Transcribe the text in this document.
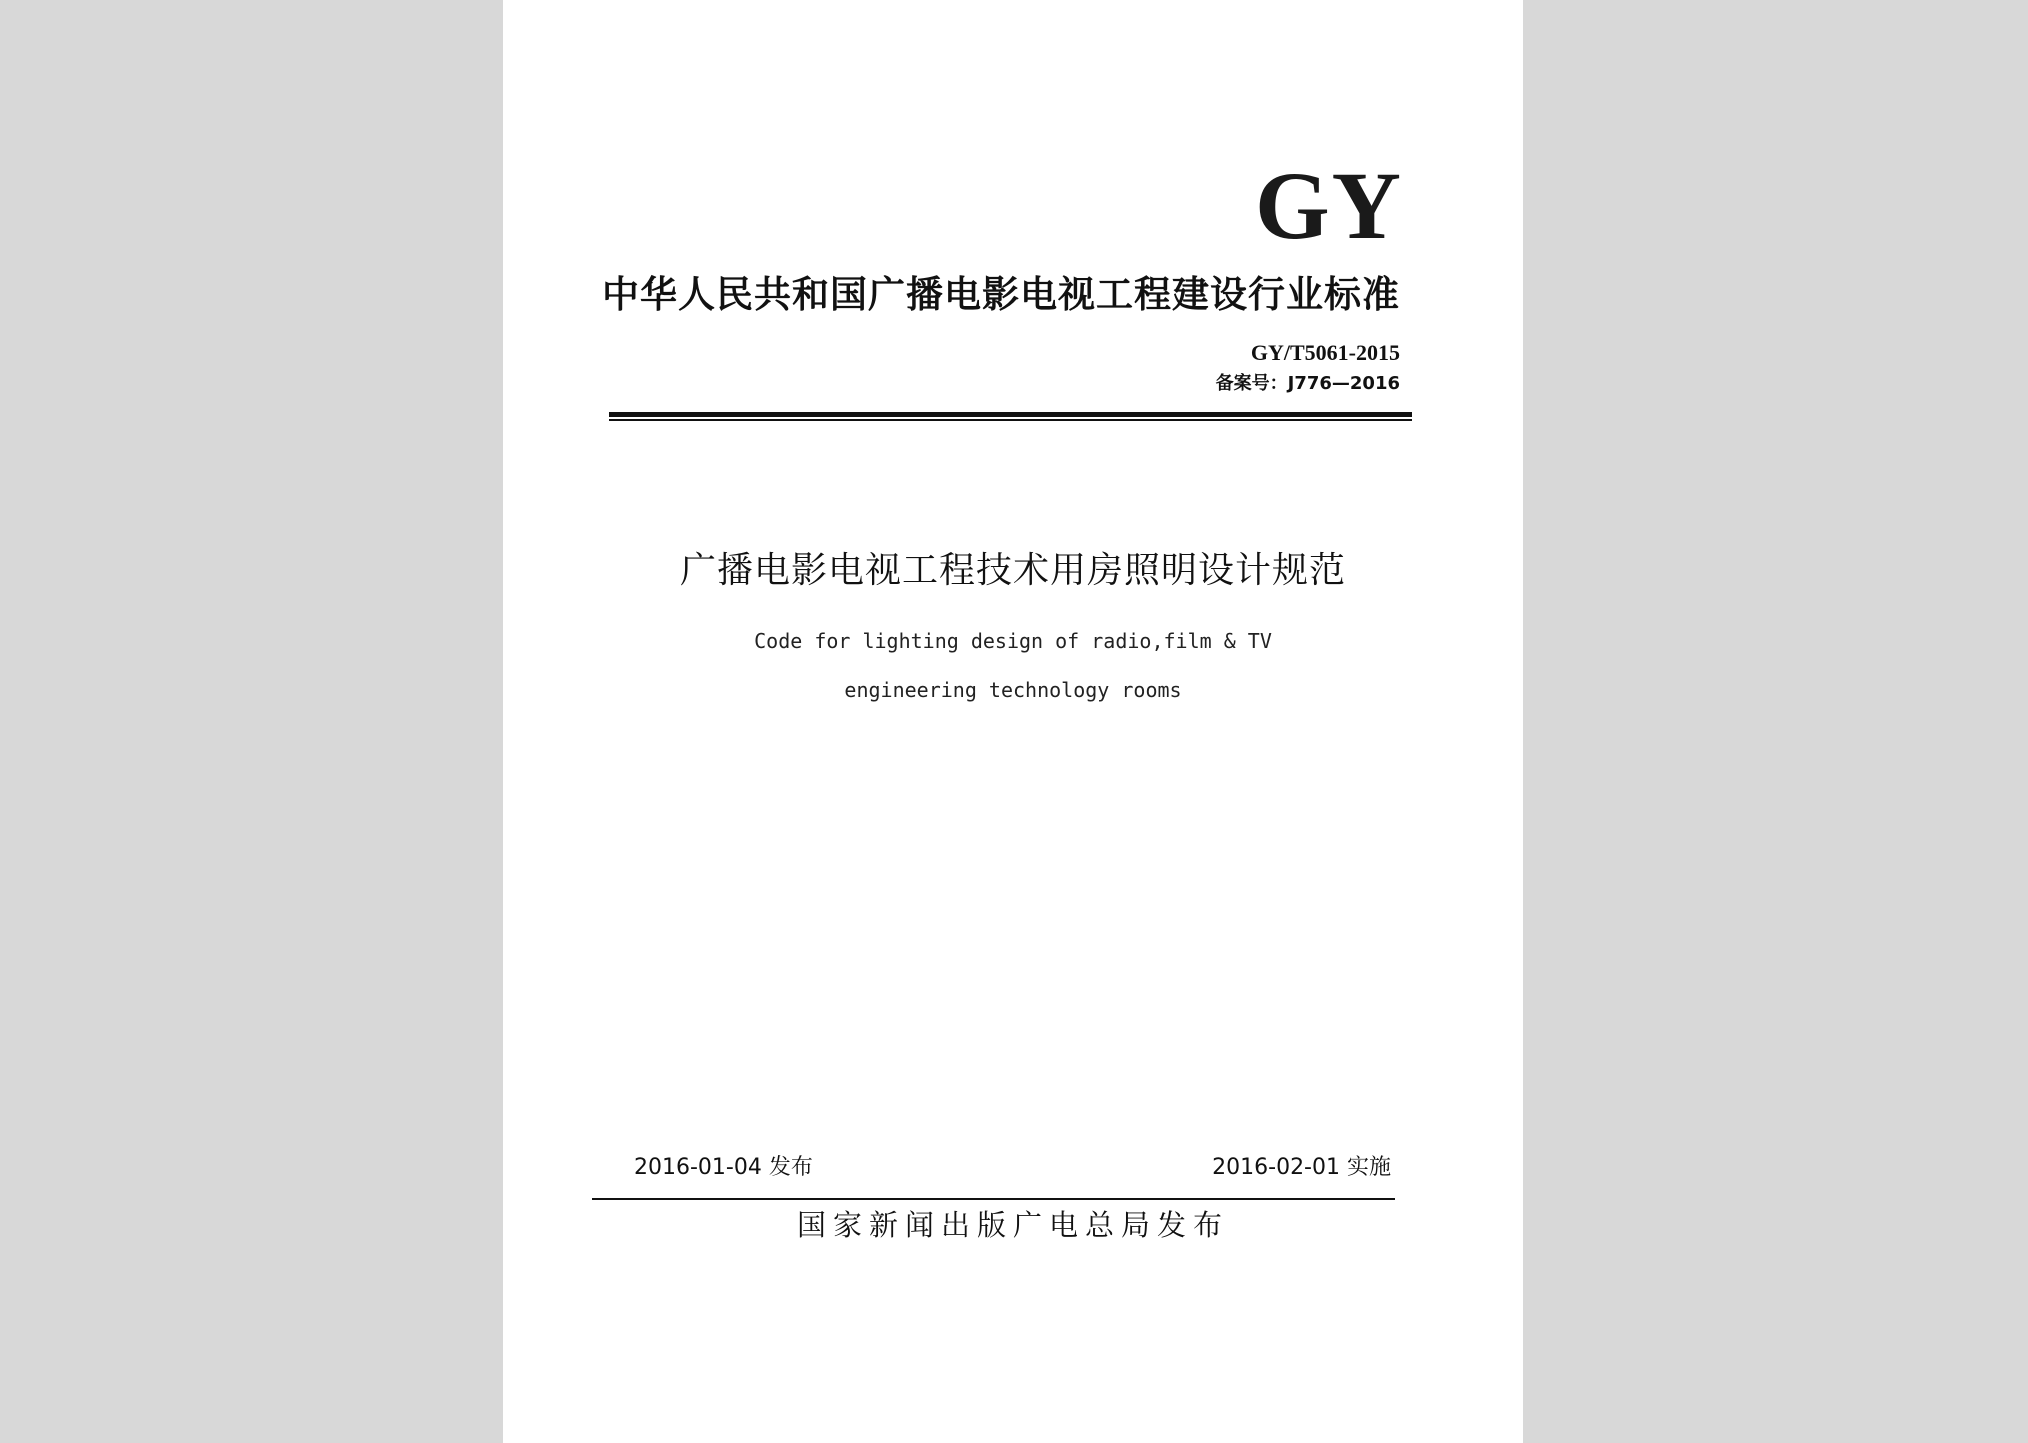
GY
中华人民共和国广播电影电视工程建设行业标准
GY/T5061-2015
备案号：J776—2016
广播电影电视工程技术用房照明设计规范
Code for lighting design of radio,film & TV
engineering technology rooms
2016-01-04 发布	2016-02-01 实施
国家新闻出版广电总局发布
